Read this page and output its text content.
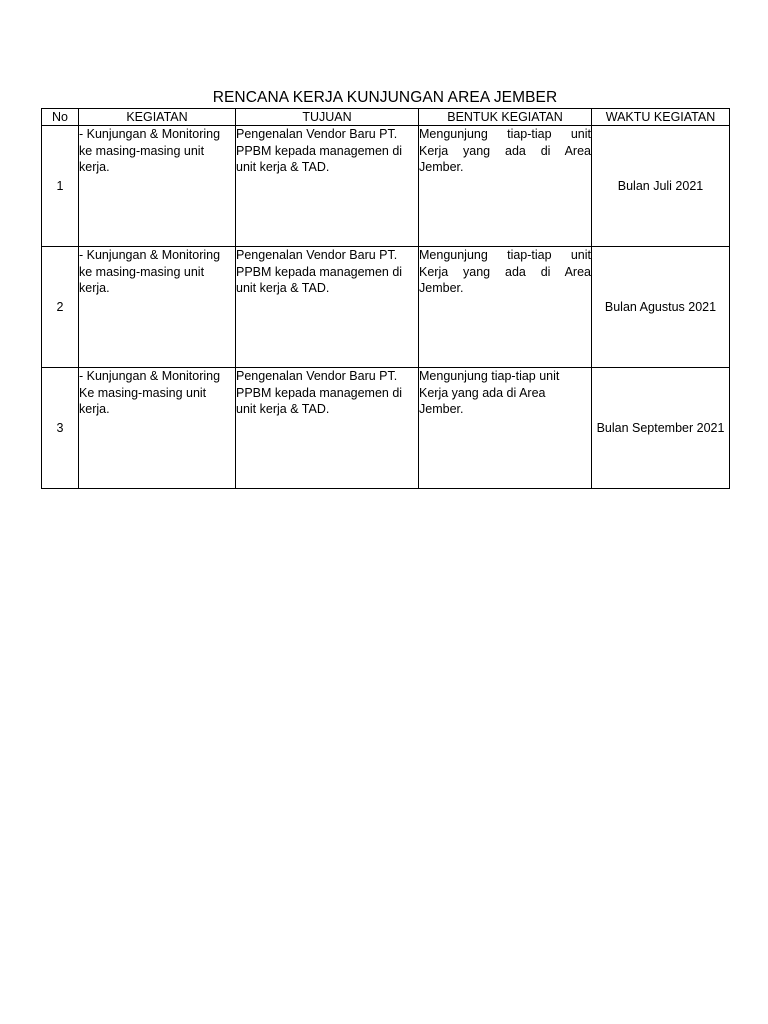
RENCANA KERJA KUNJUNGAN AREA JEMBER
No	KEGIATAN	TUJUAN	BENTUK KEGIATAN	WAKTU KEGIATAN
1	- Kunjungan & Monitoring ke masing-masing unit kerja.	Pengenalan Vendor Baru PT. PPBM kepada managemen di unit kerja & TAD.	Mengunjung tiap-tiap unit Kerja yang ada di Area Jember.	Bulan Juli 2021
2	- Kunjungan & Monitoring ke masing-masing unit kerja.	Pengenalan Vendor Baru PT. PPBM kepada managemen di unit kerja & TAD.	Mengunjung tiap-tiap unit Kerja yang ada di Area Jember.	Bulan Agustus 2021
3	- Kunjungan & Monitoring Ke masing-masing unit kerja.	Pengenalan Vendor Baru PT. PPBM kepada managemen di unit kerja & TAD.	Mengunjung tiap-tiap unit Kerja yang ada di Area Jember.	Bulan September 2021
